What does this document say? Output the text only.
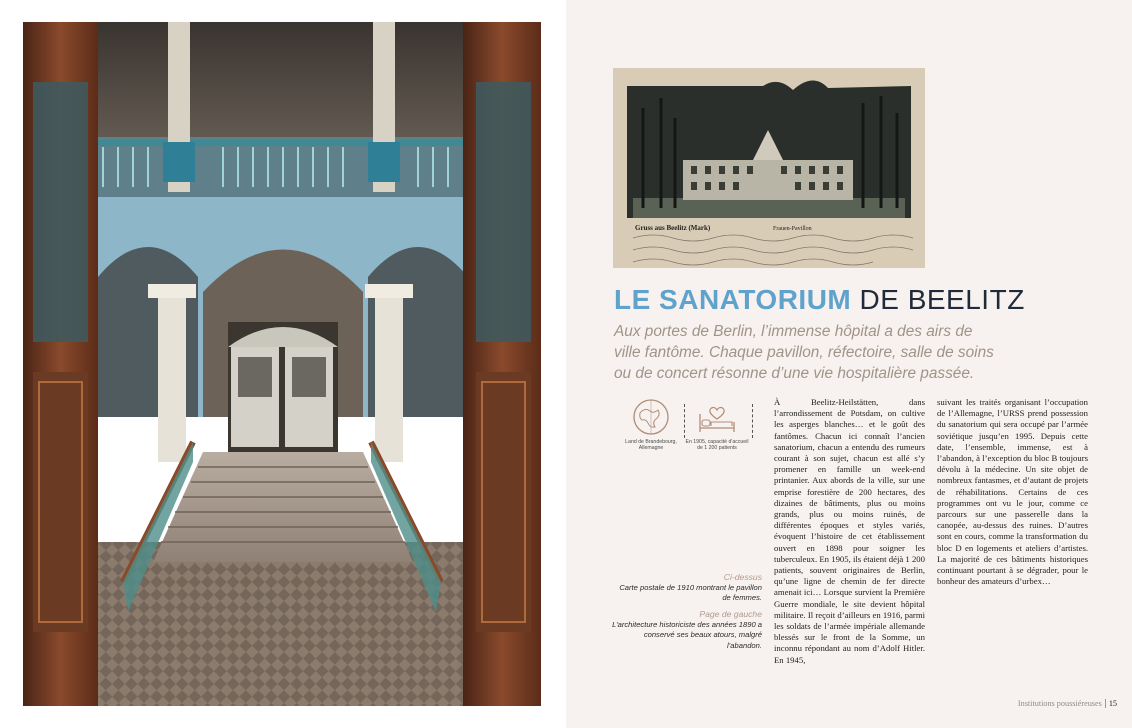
Gruss aus Beelitz (Mark)	Frauen-Pavillon
LE SANATORIUM DE BEELITZ
Aux portes de Berlin, l’immense hôpital a des airs de ville fantôme. Chaque pavillon, réfectoire, salle de soins ou de concert résonne d’une vie hospitalière passée.
Land de Brandebourg, Allemagne
En 1905, capacité d'accueil de 1 200 patients
Ci-dessus
Carte postale de 1910 montrant le pavillon de femmes.
Page de gauche
L’architecture historiciste des années 1890 a conservé ses beaux atours, malgré l’abandon.

À Beelitz-Heilstätten, dans l’arrondissement de Potsdam, on cultive les asperges blanches… et le goût des fantômes. Chacun ici connaît l’ancien sanatorium, chacun a entendu des rumeurs courant à son sujet, chacun est allé s’y promener en famille un week-end printanier. Aux abords de la ville, sur une emprise forestière de 200 hectares, des dizaines de bâtiments, plus ou moins grands, plus ou moins ruinés, de différentes époques et styles variés, évoquent l’histoire de cet établissement ouvert en 1898 pour soigner les tuberculeux. En 1905, ils étaient déjà 1 200 patients, souvent originaires de Berlin, qu’une ligne de chemin de fer directe amenait ici… Lorsque survient la Première Guerre mondiale, le site devient hôpital militaire. Il reçoit d’ailleurs en 1916, parmi les soldats de l’armée impériale allemande blessés sur le front de la Somme, un inconnu répondant au nom d’Adolf Hitler. En 1945,

suivant les traités organisant l’occupation de l’Allemagne, l’URSS prend possession du sanatorium qui sera occupé par l’armée soviétique jusqu’en 1995. Depuis cette date, l’ensemble, immense, est à l’abandon, à l’exception du bloc B toujours dévolu à la médecine. Un site objet de nombreux fantasmes, et d’autant de projets de réhabilitations. Certains de ces programmes ont vu le jour, comme ce parcours sur une passerelle dans la canopée, au-dessus des ruines. D’autres sont en cours, comme la transformation du bloc D en logements et ateliers d’artistes. La majorité de ces bâtiments historiques continuant pourtant à se dégrader, pour le bonheur des amateurs d’urbex…

Institutions poussiéreuses 15
